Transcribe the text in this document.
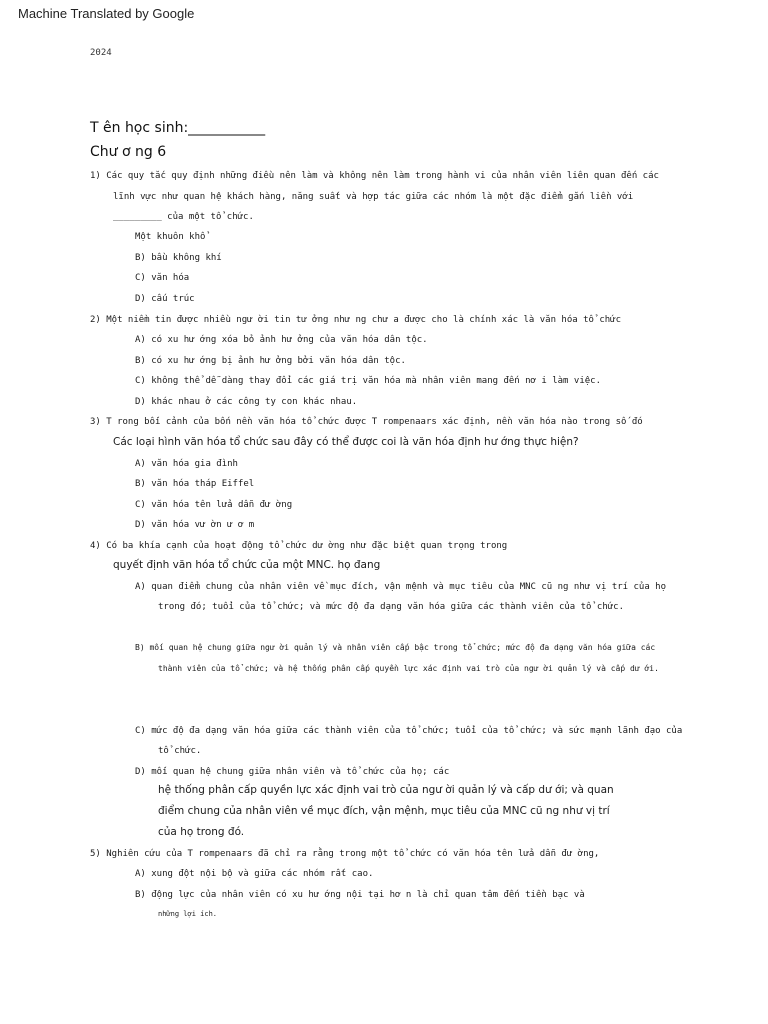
Machine Translated by Google
2024
T ên học sinh:___________
Chư ơ ng 6
1) Các quy tắc quy định những điều nên làm và không nên làm trong hành vi của nhân viên liên quan đến các
lĩnh vực như quan hệ khách hàng, năng suất và hợp tác giữa các nhóm là một đặc điểm gắn liền với
_________ của một tổ chức.
Một khuôn khổ
B) bầu không khí
C) văn hóa
D) cấu trúc
2) Một niềm tin được nhiều ngư ời tin tư ởng như ng chư a được cho là chính xác là văn hóa tổ chức
A) có xu hư ớng xóa bỏ ảnh hư ởng của văn hóa dân tộc.
B) có xu hư ớng bị ảnh hư ởng bởi văn hóa dân tộc.
C) không thể dễ dàng thay đổi các giá trị văn hóa mà nhân viên mang đến nơ i làm việc.
D) khác nhau ở các công ty con khác nhau.
3) T rong bối cảnh của bốn nền văn hóa tổ chức được T rompenaars xác định, nền văn hóa nào trong số đó
Các loại hình văn hóa tổ chức sau đây có thể được coi là văn hóa định hư ớng thực hiện?
A) văn hóa gia đình
B) văn hóa tháp Eiffel
C) văn hóa tên lửa dẫn đư ờng
D) văn hóa vư ờn ư ơ m
4) Có ba khía cạnh của hoạt động tổ chức dư ờng như đặc biệt quan trọng trong
quyết định văn hóa tổ chức của một MNC. họ đang
A) quan điểm chung của nhân viên về mục đích, vận mệnh và mục tiêu của MNC cũ ng như vị trí của họ
trong đó; tuổi của tổ chức; và mức độ đa dạng văn hóa giữa các thành viên của tổ chức.
B) mối quan hệ chung giữa ngư ời quản lý và nhân viên cấp bậc trong tổ chức; mức độ đa dạng văn hóa giữa các
thành viên của tổ chức; và hệ thống phân cấp quyền lực xác định vai trò của ngư ời quản lý và cấp dư ới.
C) mức độ đa dạng văn hóa giữa các thành viên của tổ chức; tuổi của tổ chức; và sức mạnh lãnh đạo của
tổ chức.
D) mối quan hệ chung giữa nhân viên và tổ chức của họ; các
hệ thống phân cấp quyền lực xác định vai trò của ngư ời quản lý và cấp dư ới; và quan
điểm chung của nhân viên về mục đích, vận mệnh, mục tiêu của MNC cũ ng như vị trí
của họ trong đó.
5) Nghiên cứu của T rompenaars đã chỉ ra rằng trong một tổ chức có văn hóa tên lửa dẫn đư ờng,
A) xung đột nội bộ và giữa các nhóm rất cao.
B) động lực của nhân viên có xu hư ớng nội tại hơ n là chỉ quan tâm đến tiền bạc và
những lợi ích.
